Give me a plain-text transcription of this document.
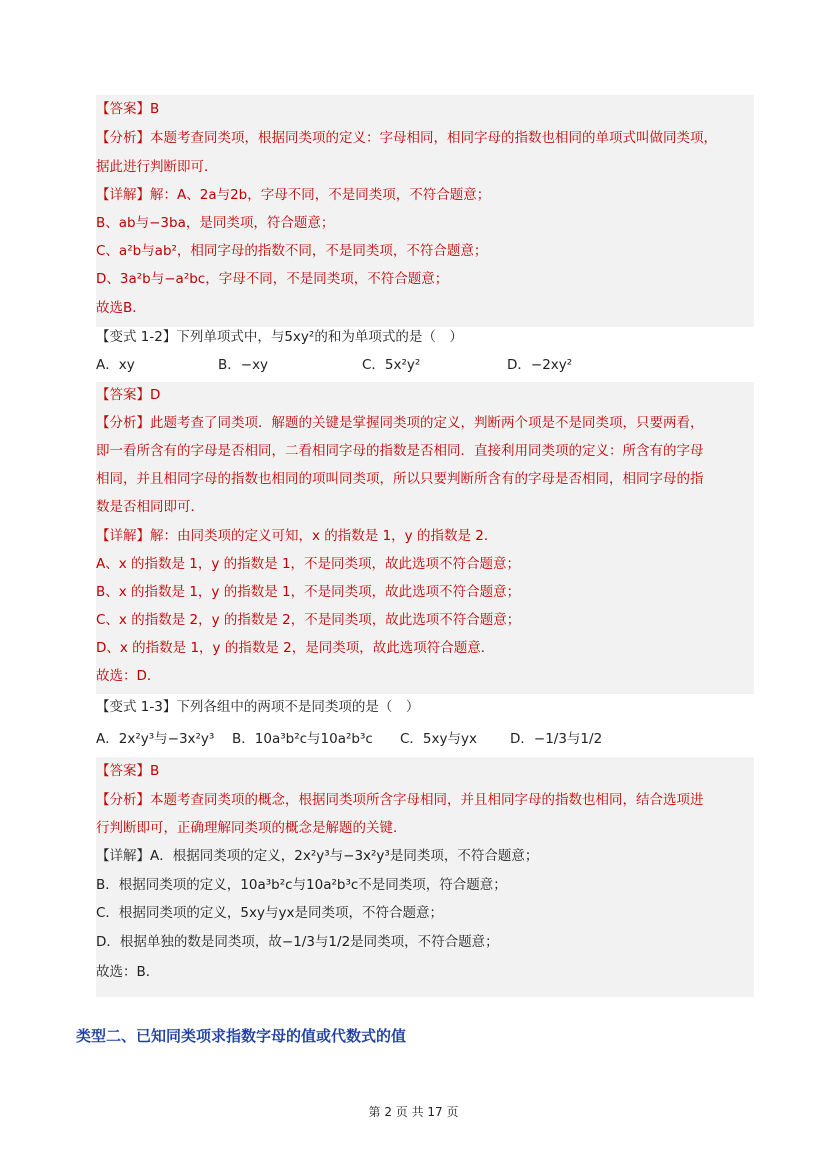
【答案】B
【分析】本题考查同类项，根据同类项的定义：字母相同，相同字母的指数也相同的单项式叫做同类项，
据此进行判断即可．
【详解】解：A、2a与2b，字母不同，不是同类项，不符合题意；
B、ab与−3ba，是同类项，符合题意；
C、a²b与ab²，相同字母的指数不同，不是同类项，不符合题意；
D、3a²b与−a²bc，字母不同，不是同类项，不符合题意；
故选B．
【变式 1-2】下列单项式中，与5xy²的和为单项式的是（　）
A．xy	B．−xy	C．5x²y²	D．−2xy²
【答案】D
【分析】此题考查了同类项．解题的关键是掌握同类项的定义，判断两个项是不是同类项，只要两看，
即一看所含有的字母是否相同，二看相同字母的指数是否相同．直接利用同类项的定义：所含有的字母
相同，并且相同字母的指数也相同的项叫同类项，所以只要判断所含有的字母是否相同，相同字母的指
数是否相同即可．
【详解】解：由同类项的定义可知，x 的指数是 1，y 的指数是 2．
A、x 的指数是 1，y 的指数是 1，不是同类项，故此选项不符合题意；
B、x 的指数是 1，y 的指数是 1，不是同类项，故此选项不符合题意；
C、x 的指数是 2，y 的指数是 2，不是同类项，故此选项不符合题意；
D、x 的指数是 1，y 的指数是 2，是同类项，故此选项符合题意．
故选：D．
【变式 1-3】下列各组中的两项不是同类项的是（　）
A．2x²y³与−3x²y³ B．10a³b²c与10a²b³c C．5xy与yx D．−1/3与1/2
【答案】B
【分析】本题考查同类项的概念，根据同类项所含字母相同，并且相同字母的指数也相同，结合选项进
行判断即可，正确理解同类项的概念是解题的关键．
【详解】A．根据同类项的定义，2x²y³与−3x²y³是同类项，不符合题意；
B．根据同类项的定义，10a³b²c与10a²b³c不是同类项，符合题意；
C．根据同类项的定义，5xy与yx是同类项，不符合题意；
D．根据单独的数是同类项，故−1/3与1/2是同类项，不符合题意；
故选：B．
类型二、已知同类项求指数字母的值或代数式的值
第 2 页 共 17 页
